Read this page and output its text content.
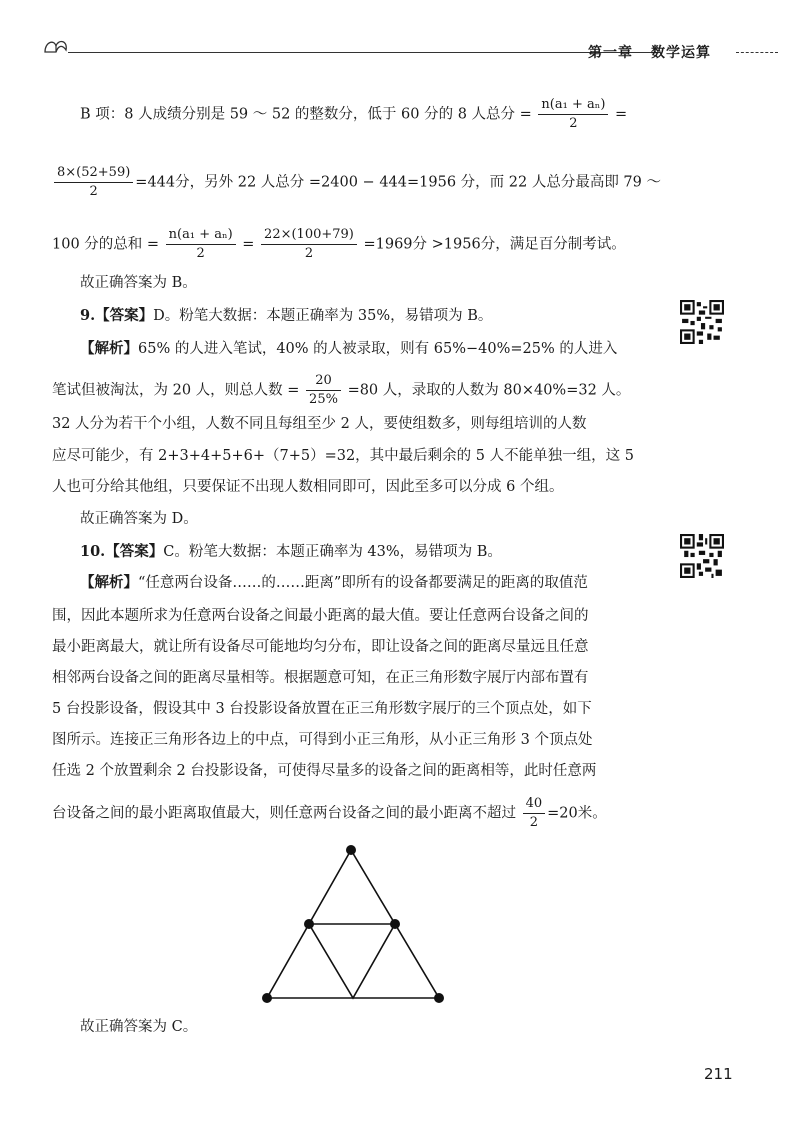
第一章 数学运算
B 项：8 人成绩分别是 59 ～ 52 的整数分，低于 60 分的 8 人总分 = $\frac{\text{n(a₁ + aₙ)}}{2}$ =
$\frac{8\times(52+59)}{2} =444$分，另外 22 人总分 =2400 − 444=1956 分，而 22 人总分最高即 79 ～
100 分的总和 = $\frac{\text{n(a₁ + aₙ)}}{2} = \frac{22\times(100+79)}{2} =1969$分 >1956分，满足百分制考试。
故正确答案为 B。
9.【答案】D。粉笔大数据：本题正确率为 35%，易错项为 B。
【解析】65% 的人进入笔试，40% 的人被录取，则有 65%−40%=25% 的人进入
笔试但被淘汰，为 20 人，则总人数 = $\frac{20}{25\%} =80$ 人，录取的人数为 80×40%=32 人。
32 人分为若干个小组，人数不同且每组至少 2 人，要使组数多，则每组培训的人数
应尽可能少，有 2+3+4+5+6+（7+5）=32，其中最后剩余的 5 人不能单独一组，这 5
人也可分给其他组，只要保证不出现人数相同即可，因此至多可以分成 6 个组。
故正确答案为 D。
10.【答案】C。粉笔大数据：本题正确率为 43%，易错项为 B。
【解析】“任意两台设备……的……距离”即所有的设备都要满足的距离的取值范
围，因此本题所求为任意两台设备之间最小距离的最大值。要让任意两台设备之间的
最小距离最大，就让所有设备尽可能地均匀分布，即让设备之间的距离尽量远且任意
相邻两台设备之间的距离尽量相等。根据题意可知，在正三角形数字展厅内部布置有
5 台投影设备，假设其中 3 台投影设备放置在正三角形数字展厅的三个顶点处，如下
图所示。连接正三角形各边上的中点，可得到小正三角形，从小正三角形 3 个顶点处
任选 2 个放置剩余 2 台投影设备，可使得尽量多的设备之间的距离相等，此时任意两
台设备之间的最小距离取值最大，则任意两台设备之间的最小距离不超过 $\frac{40}{2} =20$米。
故正确答案为 C。
211
